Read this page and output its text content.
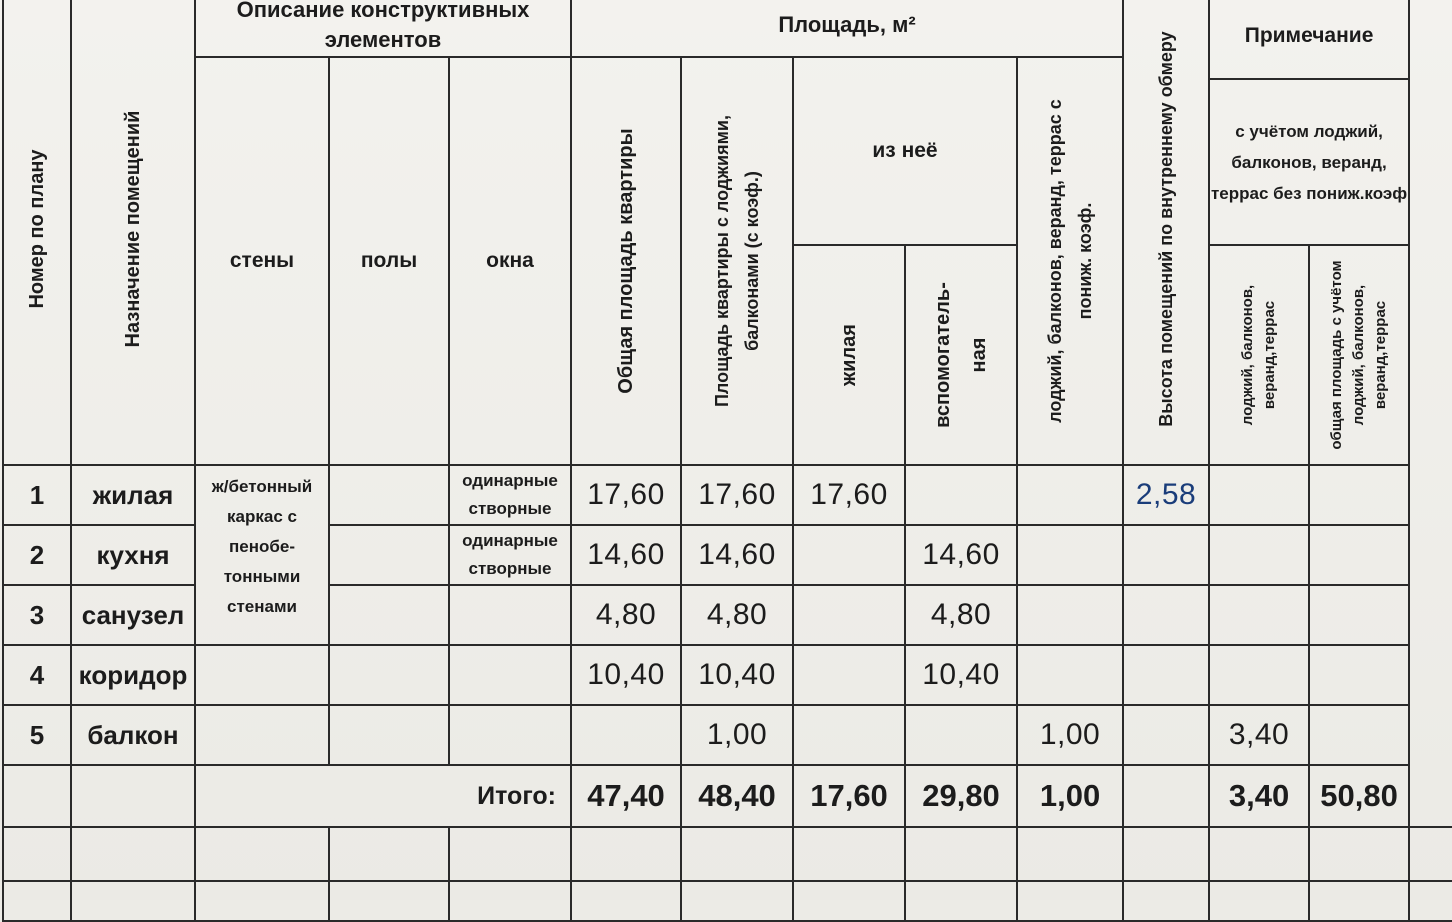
Номер по плану	Назначение помещений	Описание конструктивных элементов			Площадь, м²					Высота помещений по внутреннему обмеру	Примечание		
		стены	полы	окна	Общая площадь квартиры	Площадь квартиры с лоджиями, балконами (с коэф.)	из неё		лоджий, балконов, веранд, террас с пониж. коэф.				

											с учётом лоджий, балконов, веранд, террас без пониж.коэф		

							жилая	вспомогатель- ная			лоджий, балконов, веранд,террас	общая площадь с учётом лоджий, балконов, веранд,террас	

1	жилая	ж/бетонный каркас с пенобе- тонными стенами		одинарные створные	17,60	17,60	17,60			2,58			
2	кухня			одинарные створные	14,60	14,60		14,60					
3	санузел				4,80	4,80		4,80					
4	коридор				10,40	10,40		10,40					
5	балкон					1,00			1,00		3,40		
		Итого:			47,40	48,40	17,60	29,80	1,00		3,40	50,80	
